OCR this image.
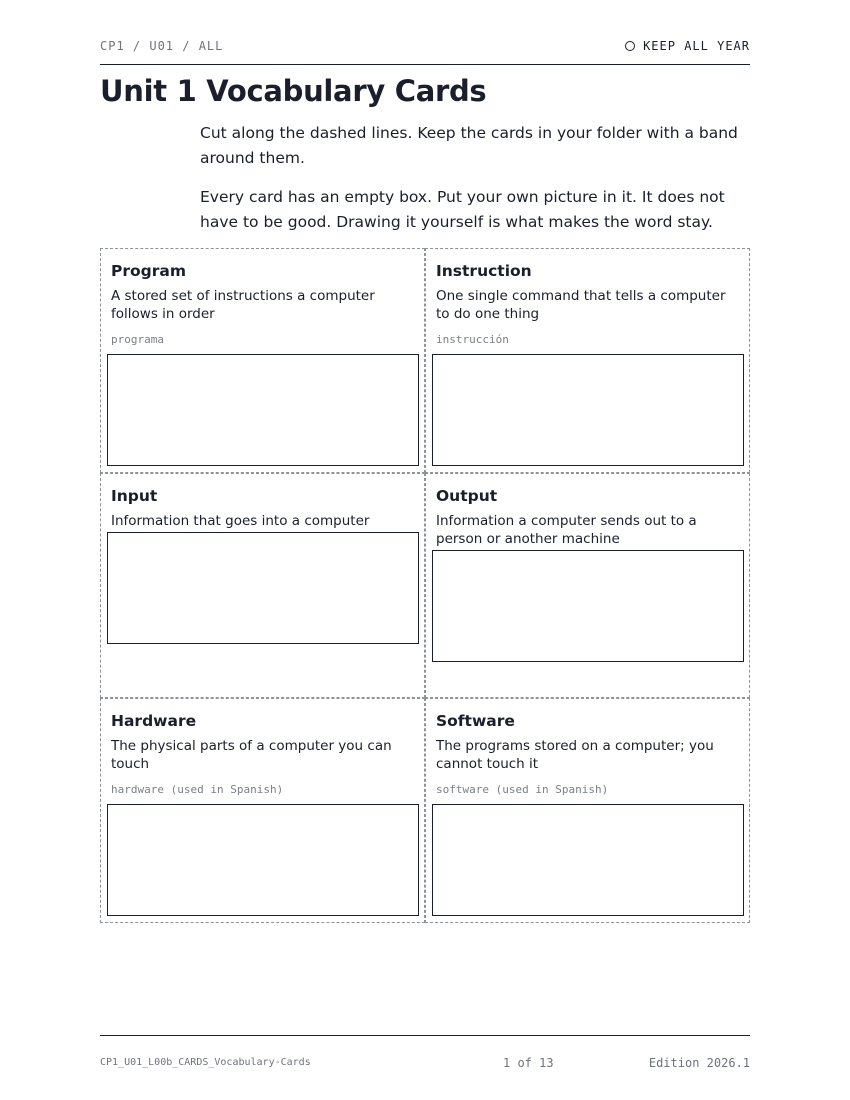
CP1 / U01 / ALL	KEEP ALL YEAR
Unit 1 Vocabulary Cards

Cut along the dashed lines. Keep the cards in your folder with a band around them.

Every card has an empty box. Put your own picture in it. It does not have to be good. Drawing it yourself is what makes the word stay.

Program
A stored set of instructions a computer follows in order
programa
Instruction
One single command that tells a computer to do one thing
instrucción
Input
Information that goes into a computer
Output
Information a computer sends out to a person or another machine
Hardware
The physical parts of a computer you can touch
hardware (used in Spanish)
Software
The programs stored on a computer; you cannot touch it
software (used in Spanish)
CP1_U01_L00b_CARDS_Vocabulary-Cards	1 of 13	Edition 2026.1
